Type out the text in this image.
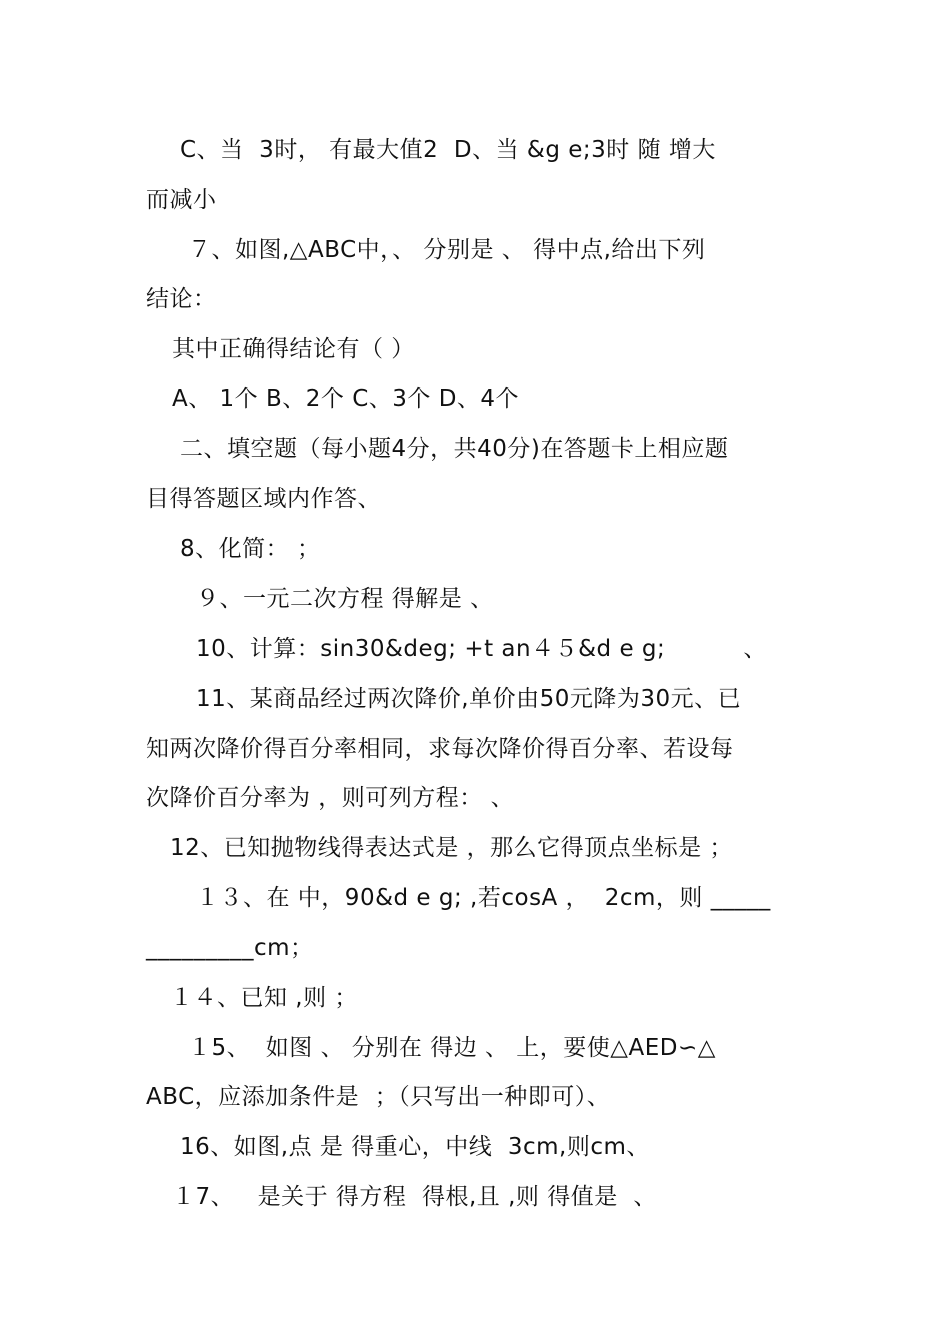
C、当  3时， 有最大值2  D、当 &g e;3时 随 增大
而减小
７、如图,△ABC中，、 分别是 、 得中点,给出下列
结论：
其中正确得结论有（ ）
A、 1个 B、2个 C、3个 D、4个
二、填空题（每小题4分，共40分)在答题卡上相应题
目得答题区域内作答、
8、化简： ；
９、一元二次方程 得解是 、
10、计算：sin30&deg; +t an４５&d e g;          、
11、某商品经过两次降价,单价由50元降为30元、已
知两次降价得百分率相同，求每次降价得百分率、若设每
次降价百分率为 ，则可列方程： 、
12、已知抛物线得表达式是 ，那么它得顶点坐标是 ；
１３、在 中，90&d e g; ,若cosA ，  2cm，则 _____
_________cm；
１４、已知 ,则 ；
１5、  如图 、 分别在 得边 、 上，要使△AED∽△
ABC，应添加条件是  ；（只写出一种即可）、
16、如图,点 是 得重心，中线  3cm,则cm、
１7、   是关于 得方程  得根,且 ,则 得值是  、
